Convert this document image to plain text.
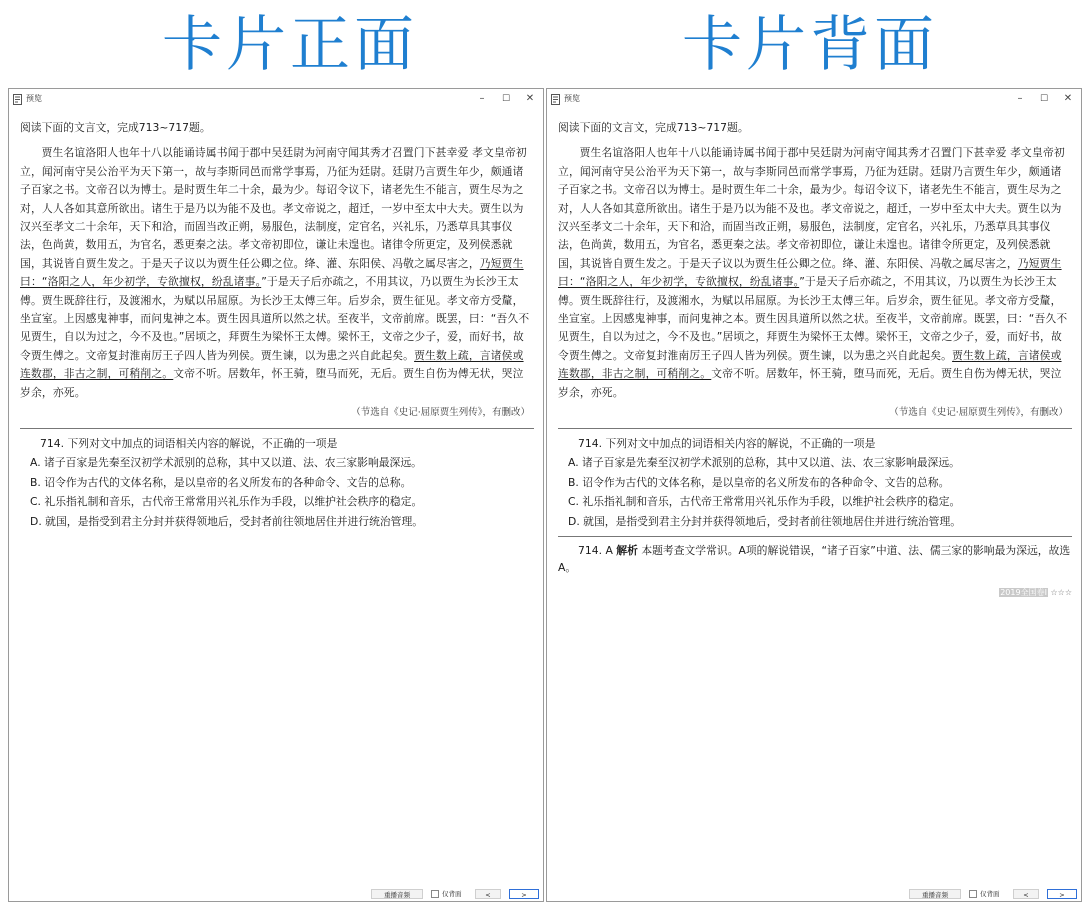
卡片正面	卡片背面
预览	–	☐	✕

阅读下面的文言文，完成713~717题。

贾生名谊洛阳人也年十八以能诵诗属书闻于郡中吴廷尉为河南守闻其秀才召置门下甚幸爱 孝文皇帝初立，闻河南守吴公治平为天下第一，故与李斯同邑而常学事焉，乃征为廷尉。廷尉乃言贾生年少，颇通诸子百家之书。文帝召以为博士。是时贾生年二十余，最为少。每诏令议下，诸老先生不能言，贾生尽为之对，人人各如其意所欲出。诸生于是乃以为能不及也。孝文帝说之，超迁，一岁中至太中大夫。贾生以为汉兴至孝文二十余年，天下和洽，而固当改正朔，易服色，法制度，定官名，兴礼乐，乃悉草具其事仪法，色尚黄，数用五，为官名，悉更秦之法。孝文帝初即位，谦让未遑也。诸律令所更定，及列侯悉就国，其说皆自贾生发之。于是天子议以为贾生任公卿之位。绛、灌、东阳侯、冯敬之属尽害之，乃短贾生曰：“洛阳之人，年少初学，专欲擅权，纷乱诸事。”于是天子后亦疏之，不用其议，乃以贾生为长沙王太傅。贾生既辞往行，及渡湘水，为赋以吊屈原。为长沙王太傅三年。后岁余，贾生征见。孝文帝方受釐，坐宣室。上因感鬼神事，而问鬼神之本。贾生因具道所以然之状。至夜半，文帝前席。既罢，曰：“吾久不见贾生，自以为过之，今不及也。”居顷之，拜贾生为梁怀王太傅。梁怀王，文帝之少子，爱，而好书，故令贾生傅之。文帝复封淮南厉王子四人皆为列侯。贾生谏，以为患之兴自此起矣。贾生数上疏，言诸侯或连数郡，非古之制，可稍削之。文帝不听。居数年，怀王骑，堕马而死，无后。贾生自伤为傅无状，哭泣岁余，亦死。

（节选自《史记·屈原贾生列传》，有删改）

714. 下列对文中加点的词语相关内容的解说，不正确的一项是

A. 诸子百家是先秦至汉初学术派别的总称，其中又以道、法、农三家影响最深远。

B. 诏令作为古代的文体名称，是以皇帝的名义所发布的各种命令、文告的总称。

C. 礼乐指礼制和音乐，古代帝王常常用兴礼乐作为手段，以维护社会秩序的稳定。

D. 就国，是指受到君主分封并获得领地后，受封者前往领地居住并进行统治管理。

重播音频	仅背面	<	>
预览	–	☐	✕

阅读下面的文言文，完成713~717题。

贾生名谊洛阳人也年十八以能诵诗属书闻于郡中吴廷尉为河南守闻其秀才召置门下甚幸爱 孝文皇帝初立，闻河南守吴公治平为天下第一，故与李斯同邑而常学事焉，乃征为廷尉。廷尉乃言贾生年少，颇通诸子百家之书。文帝召以为博士。是时贾生年二十余，最为少。每诏令议下，诸老先生不能言，贾生尽为之对，人人各如其意所欲出。诸生于是乃以为能不及也。孝文帝说之，超迁，一岁中至太中大夫。贾生以为汉兴至孝文二十余年，天下和洽，而固当改正朔，易服色，法制度，定官名，兴礼乐，乃悉草具其事仪法，色尚黄，数用五，为官名，悉更秦之法。孝文帝初即位，谦让未遑也。诸律令所更定，及列侯悉就国，其说皆自贾生发之。于是天子议以为贾生任公卿之位。绛、灌、东阳侯、冯敬之属尽害之，乃短贾生曰：“洛阳之人，年少初学，专欲擅权，纷乱诸事。”于是天子后亦疏之，不用其议，乃以贾生为长沙王太傅。贾生既辞往行，及渡湘水，为赋以吊屈原。为长沙王太傅三年。后岁余，贾生征见。孝文帝方受釐，坐宣室。上因感鬼神事，而问鬼神之本。贾生因具道所以然之状。至夜半，文帝前席。既罢，曰：“吾久不见贾生，自以为过之，今不及也。”居顷之，拜贾生为梁怀王太傅。梁怀王，文帝之少子，爱，而好书，故令贾生傅之。文帝复封淮南厉王子四人皆为列侯。贾生谏，以为患之兴自此起矣。贾生数上疏，言诸侯或连数郡，非古之制，可稍削之。文帝不听。居数年，怀王骑，堕马而死，无后。贾生自伤为傅无状，哭泣岁余，亦死。

（节选自《史记·屈原贾生列传》，有删改）

714. 下列对文中加点的词语相关内容的解说，不正确的一项是

A. 诸子百家是先秦至汉初学术派别的总称，其中又以道、法、农三家影响最深远。

B. 诏令作为古代的文体名称，是以皇帝的名义所发布的各种命令、文告的总称。

C. 礼乐指礼制和音乐，古代帝王常常用兴礼乐作为手段，以维护社会秩序的稳定。

D. 就国，是指受到君主分封并获得领地后，受封者前往领地居住并进行统治管理。

714. A 解析 本题考查文学常识。A项的解说错误，“诸子百家”中道、法、儒三家的影响最为深远，故选A。

2019全国卷I ☆☆☆
重播音频	仅背面	<	>
